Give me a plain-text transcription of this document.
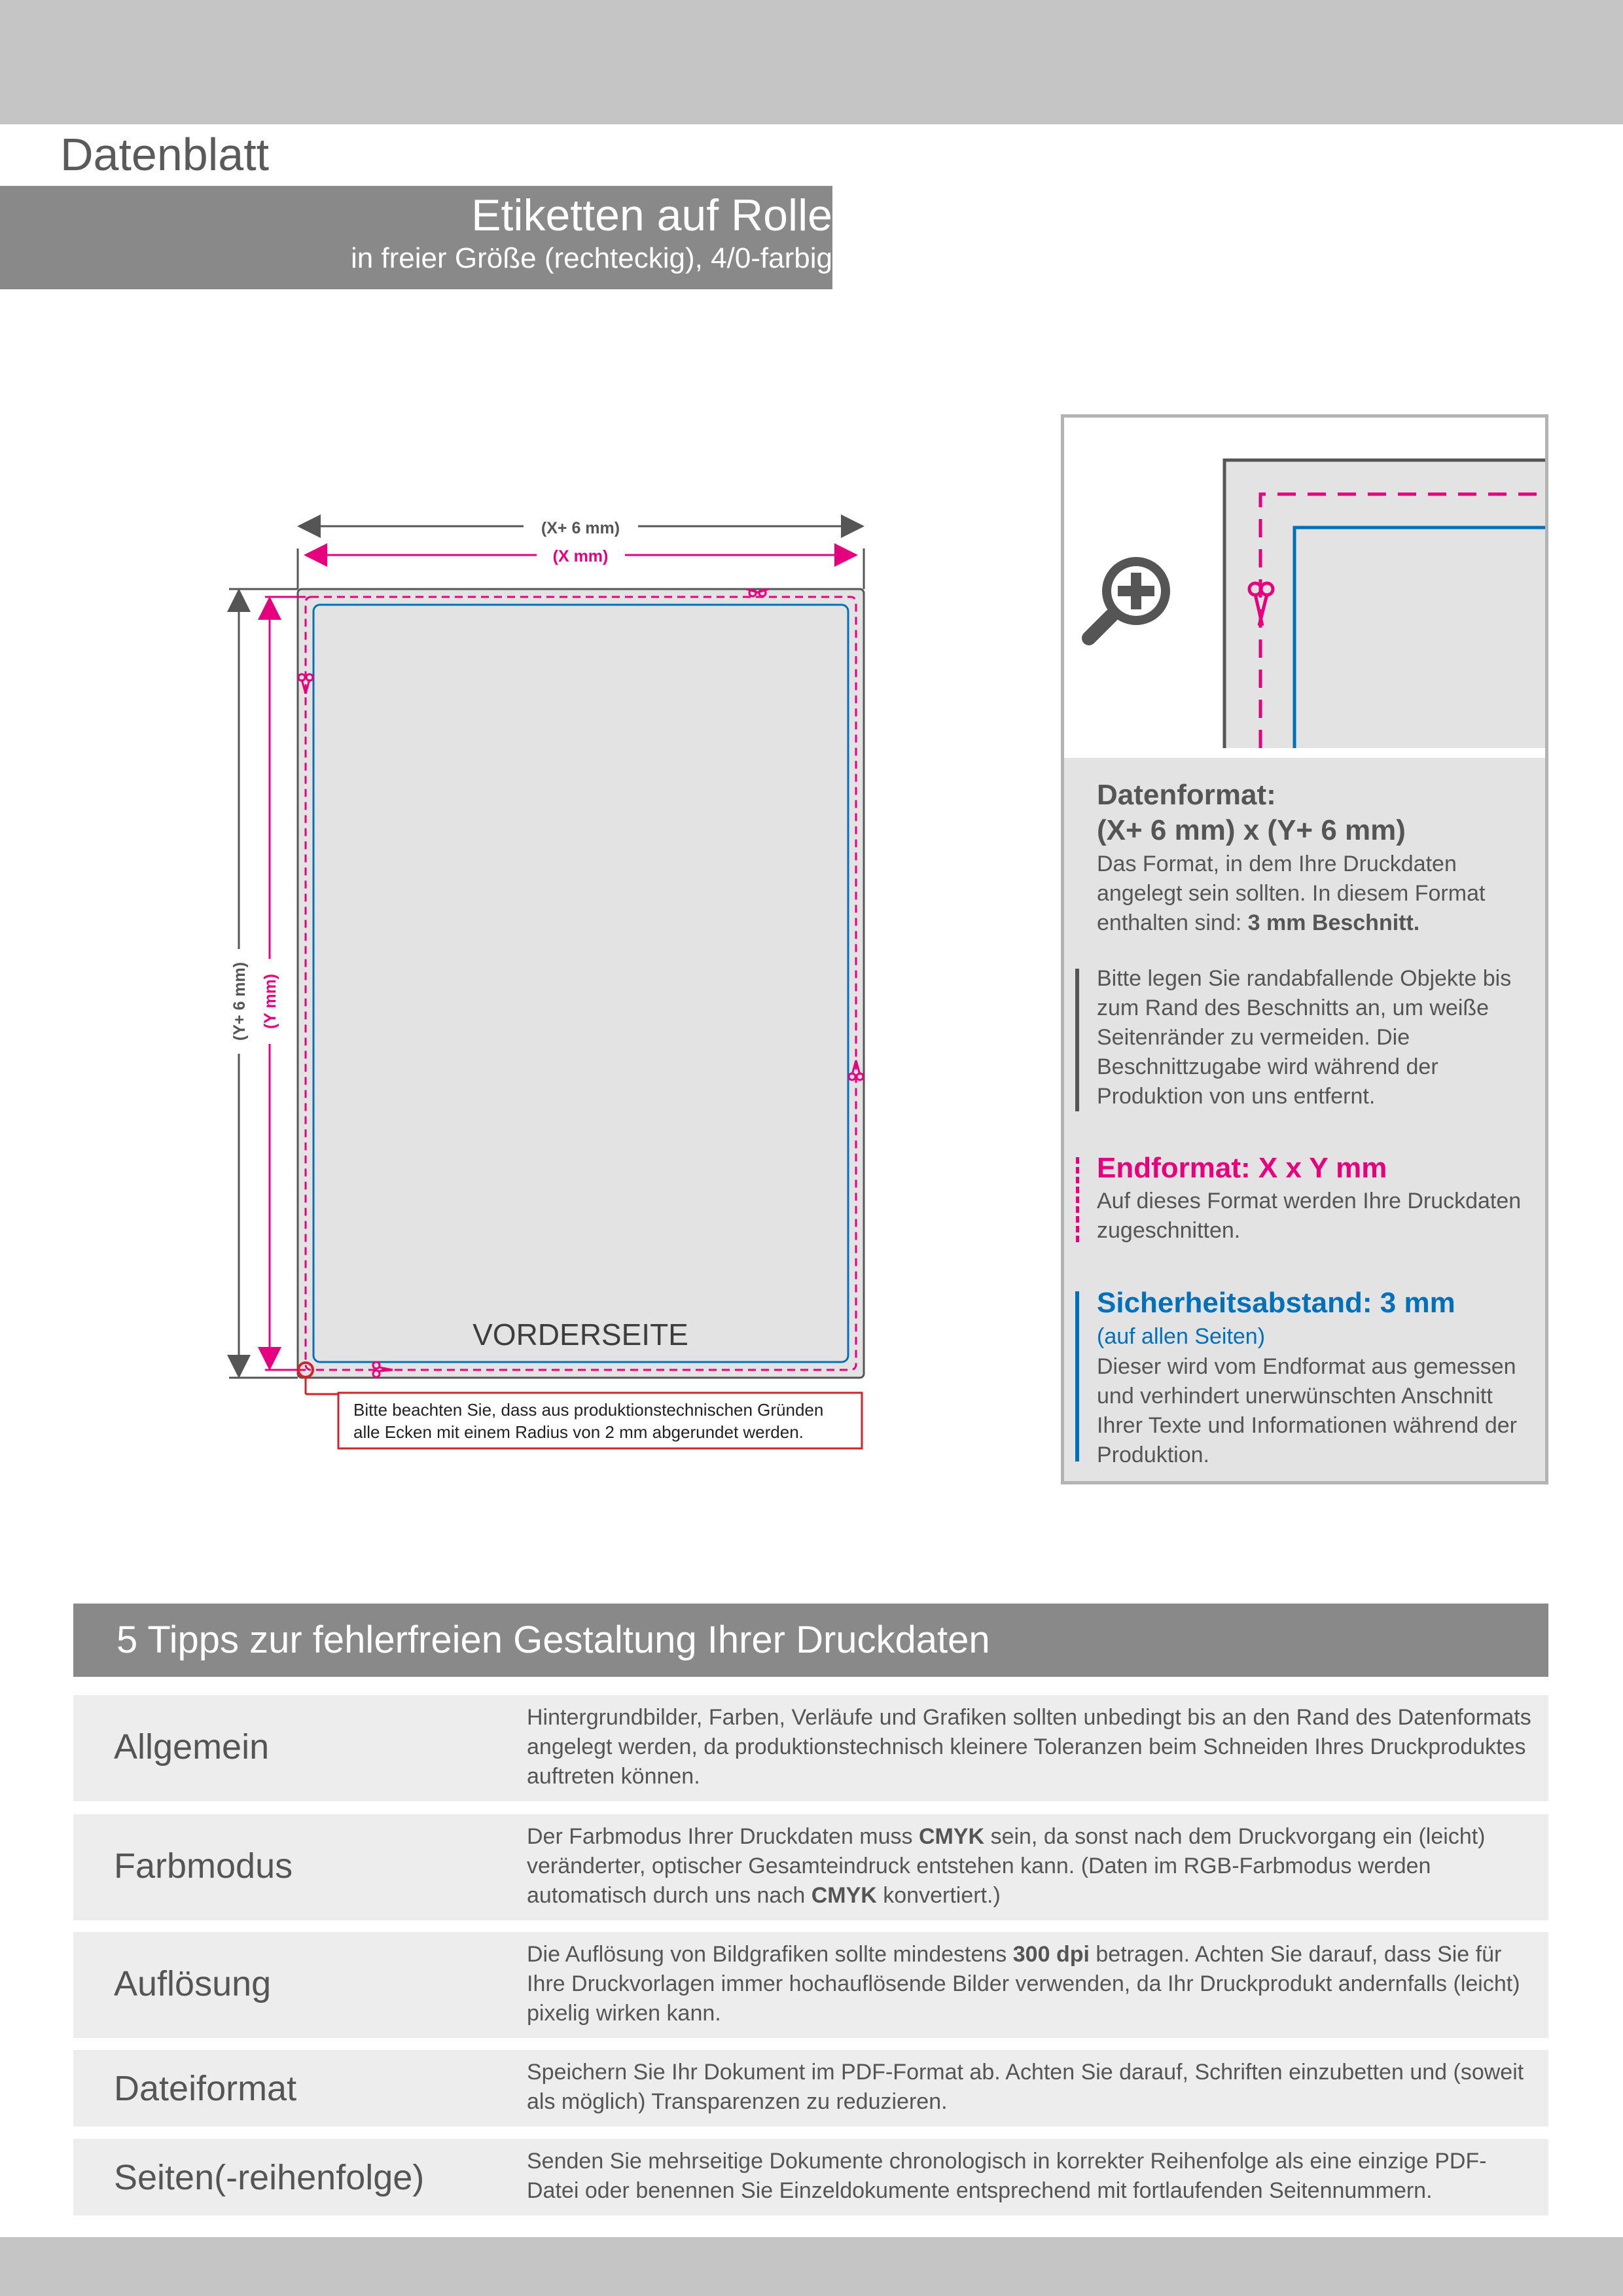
Datenblatt
Etiketten auf Rolle
in freier Größe (rechteckig), 4/0-farbig
(X+ 6 mm)
(X mm)
(Y+ 6 mm) (Y mm)
VORDERSEITE
Bitte beachten Sie, dass aus produktionstechnischen Gründen
alle Ecken mit einem Radius von 2 mm abgerundet werden.
Datenformat:
(X+ 6 mm) x (Y+ 6 mm)
Das Format, in dem Ihre Druckdaten angelegt sein sollten. In diesem Format enthalten sind: 3 mm Beschnitt.
Bitte legen Sie randabfallende Objekte bis zum Rand des Beschnitts an, um weiße Seitenränder zu vermeiden. Die Beschnittzugabe wird während der Produktion von uns entfernt.
Endformat: X x Y mm
Auf dieses Format werden Ihre Druckdaten zugeschnitten.
Sicherheitsabstand: 3 mm
(auf allen Seiten)
Dieser wird vom Endformat aus gemessen und verhindert unerwünschten Anschnitt Ihrer Texte und Informationen während der Produktion.
5 Tipps zur fehlerfreien Gestaltung Ihrer Druckdaten
Allgemein
Hintergrundbilder, Farben, Verläufe und Grafiken sollten unbedingt bis an den Rand des Datenformats angelegt werden, da produktionstechnisch kleinere Toleranzen beim Schneiden Ihres Druckproduktes auftreten können.
Farbmodus
Der Farbmodus Ihrer Druckdaten muss CMYK sein, da sonst nach dem Druckvorgang ein (leicht) veränderter, optischer Gesamteindruck entstehen kann. (Daten im RGB-Farbmodus werden automatisch durch uns nach CMYK konvertiert.)
Auflösung
Die Auflösung von Bildgrafiken sollte mindestens 300 dpi betragen. Achten Sie darauf, dass Sie für Ihre Druckvorlagen immer hochauflösende Bilder verwenden, da Ihr Druckprodukt andernfalls (leicht) pixelig wirken kann.
Dateiformat	Speichern Sie Ihr Dokument im PDF-Format ab. Achten Sie darauf, Schriften einzubetten und (soweit als möglich) Transparenzen zu reduzieren.
Seiten(-reihenfolge)	Senden Sie mehrseitige Dokumente chronologisch in korrekter Reihenfolge als eine einzige PDF-Datei oder benennen Sie Einzeldokumente entsprechend mit fortlaufenden Seitennummern.
